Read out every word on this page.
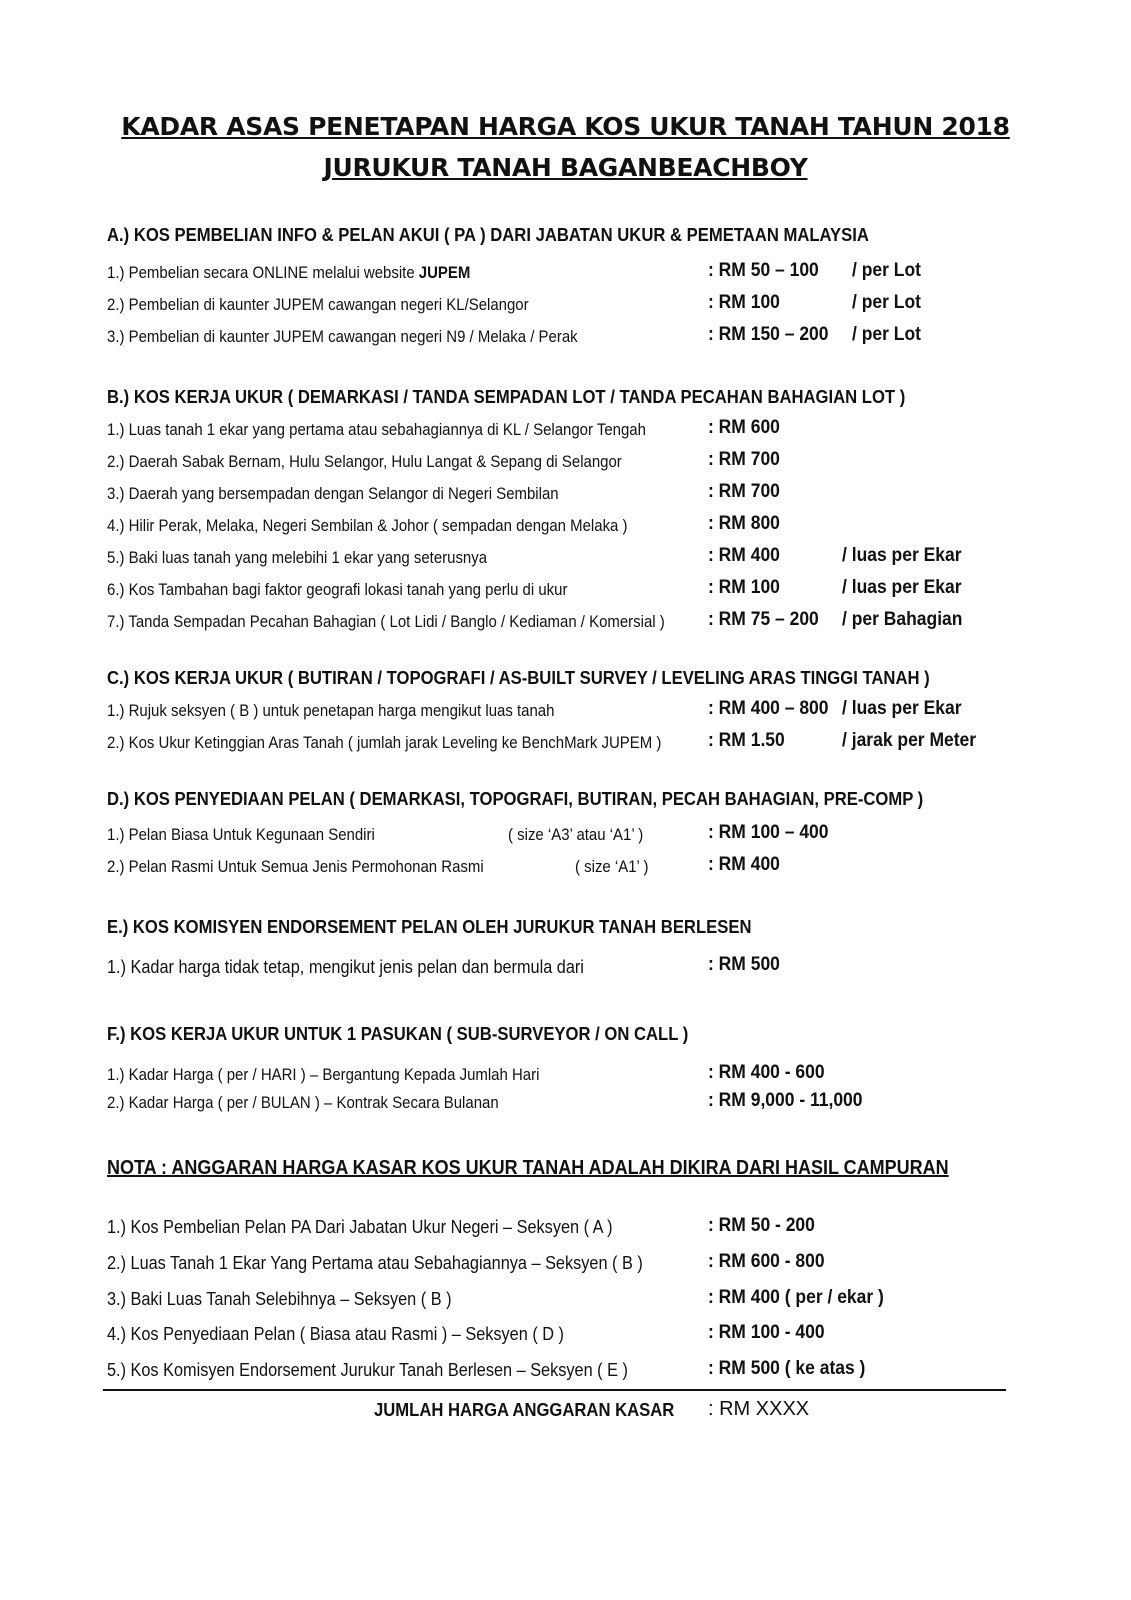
KADAR ASAS PENETAPAN HARGA KOS UKUR TANAH TAHUN 2018
JURUKUR TANAH BAGANBEACHBOY
A.) KOS PEMBELIAN INFO & PELAN AKUI ( PA ) DARI JABATAN UKUR & PEMETAAN MALAYSIA
1.) Pembelian secara ONLINE melalui website JUPEM	: RM 50 – 100 / per Lot
2.) Pembelian di kaunter JUPEM cawangan negeri KL/Selangor	: RM 100	/ per Lot
3.) Pembelian di kaunter JUPEM cawangan negeri N9 / Melaka / Perak	: RM 150 – 200 / per Lot
B.) KOS KERJA UKUR ( DEMARKASI / TANDA SEMPADAN LOT / TANDA PECAHAN BAHAGIAN LOT )
1.) Luas tanah 1 ekar yang pertama atau sebahagiannya di KL / Selangor Tengah	: RM 600
2.) Daerah Sabak Bernam, Hulu Selangor, Hulu Langat & Sepang di Selangor	: RM 700
3.) Daerah yang bersempadan dengan Selangor di Negeri Sembilan	: RM 700
4.) Hilir Perak, Melaka, Negeri Sembilan & Johor ( sempadan dengan Melaka )	: RM 800
5.) Baki luas tanah yang melebihi 1 ekar yang seterusnya	: RM 400	/ luas per Ekar
6.) Kos Tambahan bagi faktor geografi lokasi tanah yang perlu di ukur	: RM 100	/ luas per Ekar
7.) Tanda Sempadan Pecahan Bahagian ( Lot Lidi / Banglo / Kediaman / Komersial ) : RM 75 – 200 / per Bahagian
C.) KOS KERJA UKUR ( BUTIRAN / TOPOGRAFI / AS-BUILT SURVEY / LEVELING ARAS TINGGI TANAH )
1.) Rujuk seksyen ( B ) untuk penetapan harga mengikut luas tanah	: RM 400 – 800 / luas per Ekar
2.) Kos Ukur Ketinggian Aras Tanah ( jumlah jarak Leveling ke BenchMark JUPEM ) : RM 1.50	/ jarak per Meter
D.) KOS PENYEDIAAN PELAN ( DEMARKASI, TOPOGRAFI, BUTIRAN, PECAH BAHAGIAN, PRE-COMP )
1.) Pelan Biasa Untuk Kegunaan Sendiri	( size ‘A3’ atau ‘A1’ )	: RM 100 – 400
2.) Pelan Rasmi Untuk Semua Jenis Permohonan Rasmi	( size ‘A1’ )	: RM 400
E.) KOS KOMISYEN ENDORSEMENT PELAN OLEH JURUKUR TANAH BERLESEN
1.) Kadar harga tidak tetap, mengikut jenis pelan dan bermula dari	: RM 500
F.) KOS KERJA UKUR UNTUK 1 PASUKAN ( SUB-SURVEYOR / ON CALL )
1.) Kadar Harga ( per / HARI ) – Bergantung Kepada Jumlah Hari	: RM 400 - 600
2.) Kadar Harga ( per / BULAN ) – Kontrak Secara Bulanan	: RM 9,000 - 11,000
NOTA : ANGGARAN HARGA KASAR KOS UKUR TANAH ADALAH DIKIRA DARI HASIL CAMPURAN
1.) Kos Pembelian Pelan PA Dari Jabatan Ukur Negeri – Seksyen ( A )	: RM 50 - 200
2.) Luas Tanah 1 Ekar Yang Pertama atau Sebahagiannya – Seksyen ( B )	: RM 600 - 800
3.) Baki Luas Tanah Selebihnya – Seksyen ( B )	: RM 400 ( per / ekar )
4.) Kos Penyediaan Pelan ( Biasa atau Rasmi ) – Seksyen ( D )	: RM 100 - 400
5.) Kos Komisyen Endorsement Jurukur Tanah Berlesen – Seksyen ( E )	: RM 500 ( ke atas )
JUMLAH HARGA ANGGARAN KASAR : RM XXXX
